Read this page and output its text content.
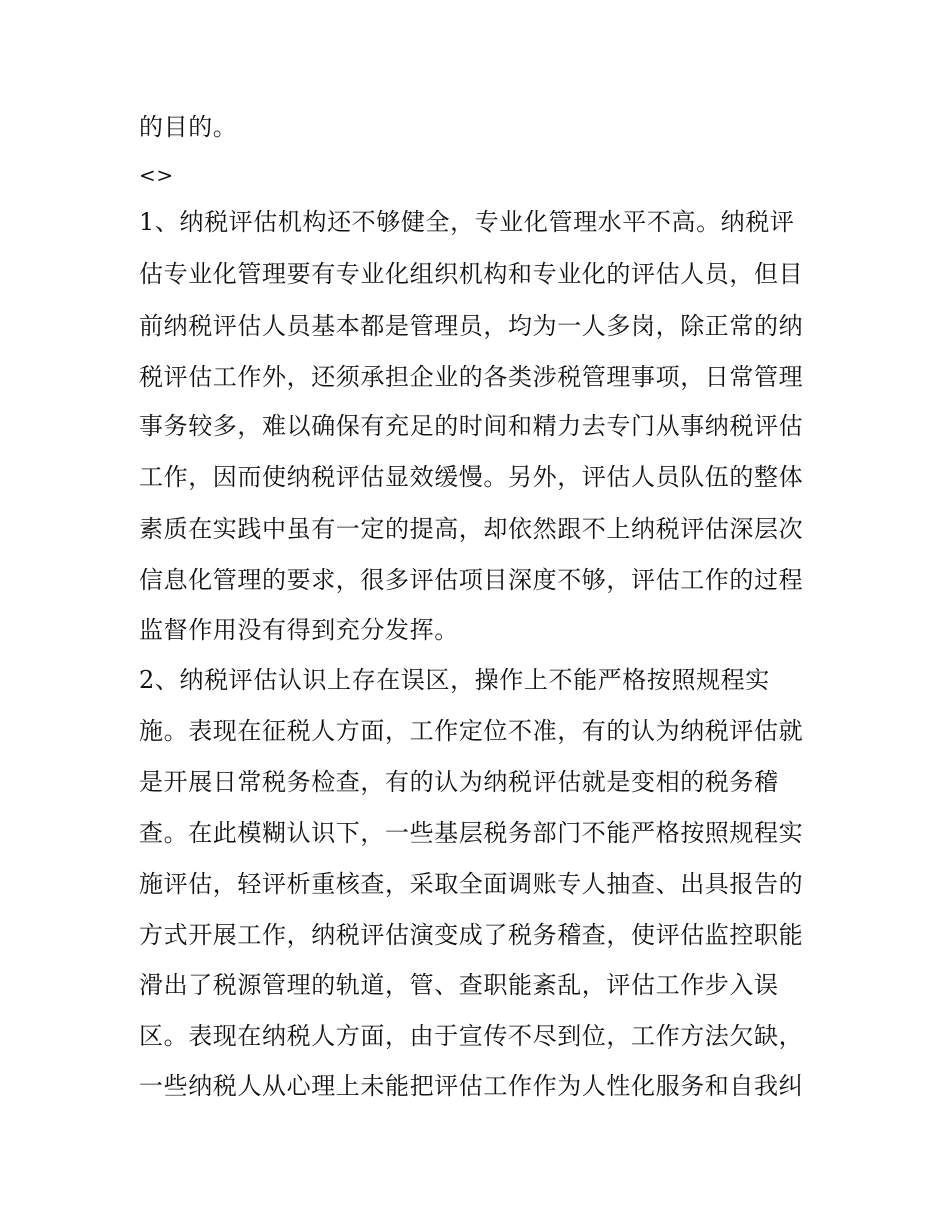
的目的。
<>
1、纳税评估机构还不够健全，专业化管理水平不高。纳税评
估专业化管理要有专业化组织机构和专业化的评估人员，但目
前纳税评估人员基本都是管理员，均为一人多岗，除正常的纳
税评估工作外，还须承担企业的各类涉税管理事项，日常管理
事务较多，难以确保有充足的时间和精力去专门从事纳税评估
工作，因而使纳税评估显效缓慢。另外，评估人员队伍的整体
素质在实践中虽有一定的提高，却依然跟不上纳税评估深层次
信息化管理的要求，很多评估项目深度不够，评估工作的过程
监督作用没有得到充分发挥。
2、纳税评估认识上存在误区，操作上不能严格按照规程实
施。表现在征税人方面，工作定位不准，有的认为纳税评估就
是开展日常税务检查，有的认为纳税评估就是变相的税务稽
查。在此模糊认识下，一些基层税务部门不能严格按照规程实
施评估，轻评析重核查，采取全面调账专人抽查、出具报告的
方式开展工作，纳税评估演变成了税务稽查，使评估监控职能
滑出了税源管理的轨道，管、查职能紊乱，评估工作步入误
区。表现在纳税人方面，由于宣传不尽到位，工作方法欠缺，
一些纳税人从心理上未能把评估工作作为人性化服务和自我纠
